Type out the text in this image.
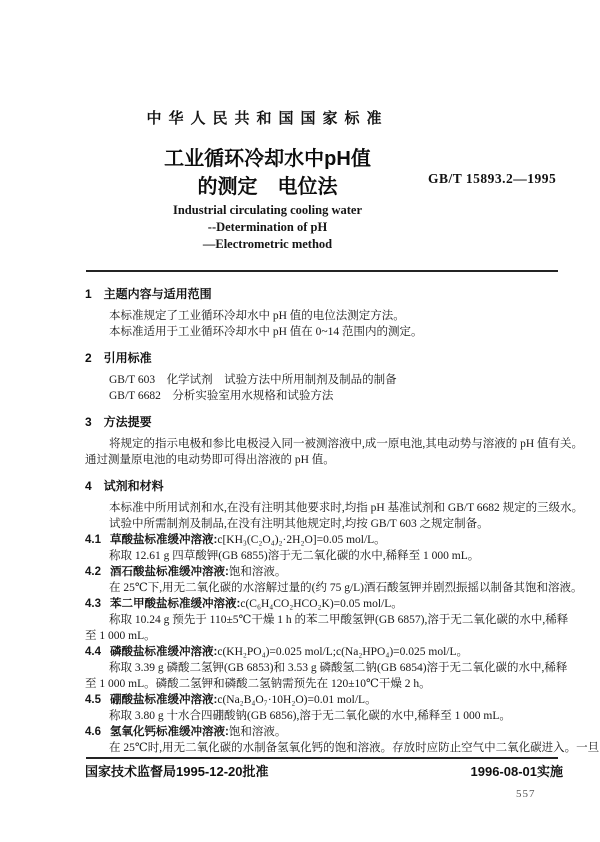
中华人民共和国国家标准
工业循环冷却水中pH值
的测定　电位法	GB/T 15893.2—1995
Industrial circulating cooling water
--Determination of pH
—Electrometric method
1　主题内容与适用范围
本标准规定了工业循环冷却水中 pH 值的电位法测定方法。
本标准适用于工业循环冷却水中 pH 值在 0~14 范围内的测定。
2　引用标准
GB/T 603　化学试剂　试验方法中所用制剂及制品的制备
GB/T 6682　分析实验室用水规格和试验方法
3　方法提要
将规定的指示电极和参比电极浸入同一被测溶液中,成一原电池,其电动势与溶液的 pH 值有关。
通过测量原电池的电动势即可得出溶液的 pH 值。
4　试剂和材料
本标准中所用试剂和水,在没有注明其他要求时,均指 pH 基准试剂和 GB/T 6682 规定的三级水。
试验中所需制剂及制品,在没有注明其他规定时,均按 GB/T 603 之规定制备。
4.1 草酸盐标准缓冲溶液:c[KH₃(C₂O₄)₂·2H₂O]=0.05 mol/L。
称取 12.61 g 四草酸钾(GB 6855)溶于无二氧化碳的水中,稀释至 1 000 mL。
4.2 酒石酸盐标准缓冲溶液:饱和溶液。
在 25℃下,用无二氧化碳的水溶解过量的(约 75 g/L)酒石酸氢钾并剧烈振摇以制备其饱和溶液。
4.3 苯二甲酸盐标准缓冲溶液:c(C₆H₄CO₂HCO₂K)=0.05 mol/L。
称取 10.24 g 预先于 110±5℃干燥 1 h 的苯二甲酸氢钾(GB 6857),溶于无二氧化碳的水中,稀释
至 1 000 mL。
4.4 磷酸盐标准缓冲溶液:c(KH₂PO₄)=0.025 mol/L;c(Na₂HPO₄)=0.025 mol/L。
称取 3.39 g 磷酸二氢钾(GB 6853)和 3.53 g 磷酸氢二钠(GB 6854)溶于无二氧化碳的水中,稀释
至 1 000 mL。磷酸二氢钾和磷酸二氢钠需预先在 120±10℃干燥 2 h。
4.5 硼酸盐标准缓冲溶液:c(Na₂B₄O₇·10H₂O)=0.01 mol/L。
称取 3.80 g 十水合四硼酸钠(GB 6856),溶于无二氧化碳的水中,稀释至 1 000 mL。
4.6 氢氧化钙标准缓冲溶液:饱和溶液。
在 25℃时,用无二氧化碳的水制备氢氧化钙的饱和溶液。存放时应防止空气中二氧化碳进入。一旦
国家技术监督局1995-12-20批准	1996-08-01实施
557
